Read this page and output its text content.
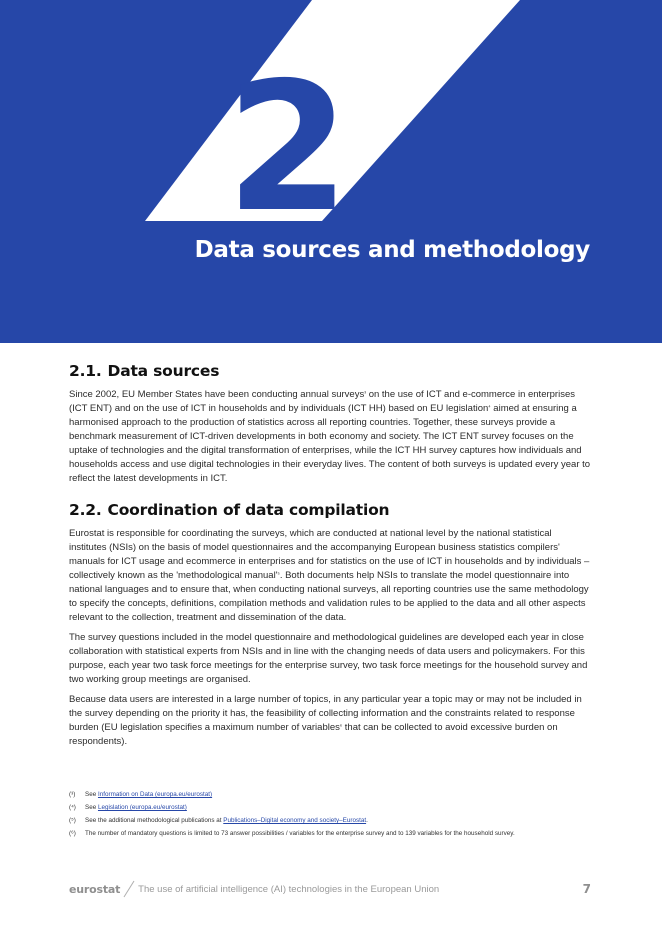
2
Data sources and methodology
2.1. Data sources

Since 2002, EU Member States have been conducting annual surveys$^{^3}$ on the use of ICT and e-commerce in enterprises (ICT ENT) and on the use of ICT in households and by individuals (ICT HH) based on EU legislation$^{^4}$ aimed at ensuring a harmonised approach to the production of statistics across all reporting countries. Together, these surveys provide a benchmark measurement of ICT-driven developments in both economy and society. The ICT ENT survey focuses on the uptake of technologies and the digital transformation of enterprises, while the ICT HH survey captures how individuals and households access and use digital technologies in their everyday lives. The content of both surveys is updated every year to reflect the latest developments in ICT.

2.2. Coordination of data compilation

Eurostat is responsible for coordinating the surveys, which are conducted at national level by the national statistical institutes (NSIs) on the basis of model questionnaires and the accompanying European business statistics compilers' manuals for ICT usage and ecommerce in enterprises and for statistics on the use of ICT in households and by individuals – collectively known as the 'methodological $manual'^{^5}$. Both documents help NSIs to translate the model questionnaire into national languages and to ensure that, when conducting national surveys, all reporting countries use the same methodology to specify the concepts, definitions, compilation methods and validation rules to be applied to the data and all other aspects relevant to the collection, treatment and dissemination of the data.

The survey questions included in the model questionnaire and methodological guidelines are developed each year in close collaboration with statistical experts from NSIs and in line with the changing needs of data users and policymakers. For this purpose, each year two task force meetings for the enterprise survey, two task force meetings for the household survey and two working group meetings are organised.

Because data users are interested in a large number of topics, in any particular year a topic may or may not be included in the survey depending on the priority it has, the feasibility of collecting information and the constraints related to response burden (EU legislation specifies a maximum number of variables$^{^6}$ that can be collected to avoid excessive burden on respondents).

(³)	See Information on Data (europa.eu/eurostat)
(⁴)	See Legislation (europa.eu/eurostat)
(⁵)	See the additional methodological publications at Publications–Digital economy and society–Eurostat.
(⁶)	The number of mandatory questions is limited to 73 answer possibilities / variables for the enterprise survey and to 139 variables for the household survey.
eurostat The use of artificial intelligence (AI) technologies in the European Union	7
